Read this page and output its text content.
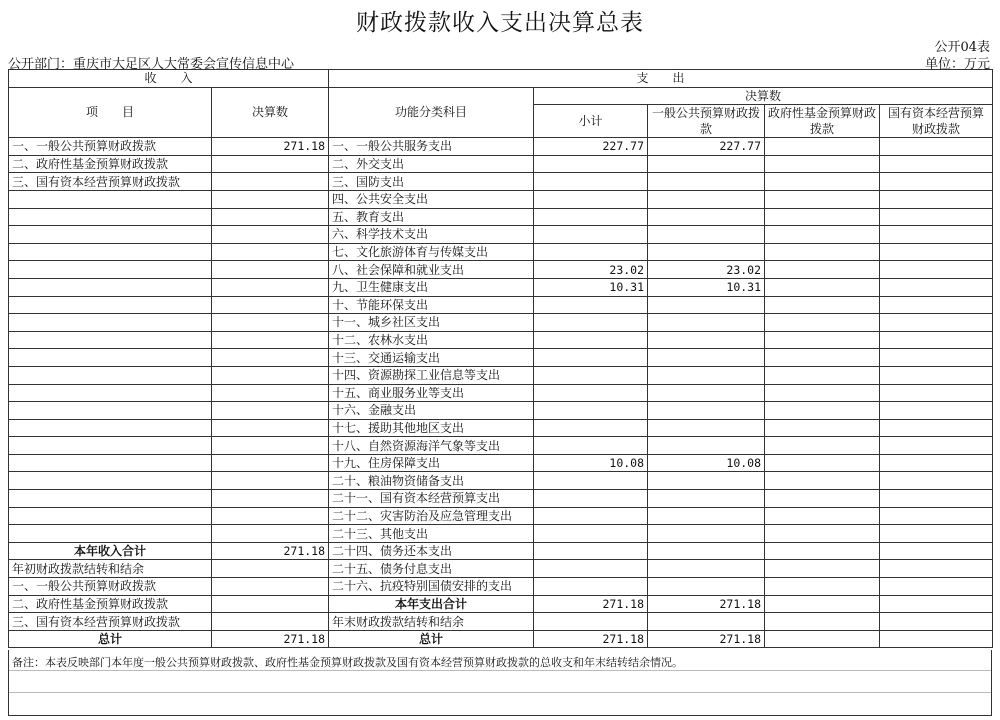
财政拨款收入支出决算总表
公开04表
公开部门：重庆市大足区人大常委会宣传信息中心	单位：万元
收　　入		支　　出				
项　　目	决算数	功能分类科目	决算数			
			小计	一般公共预算财政拨款	政府性基金预算财政拨款	国有资本经营预算财政拨款

一、一般公共预算财政拨款	271.18	一、一般公共服务支出	227.77	227.77		
二、政府性基金预算财政拨款		二、外交支出				
三、国有资本经营预算财政拨款		三、国防支出				
		四、公共安全支出				
		五、教育支出				
		六、科学技术支出				
		七、文化旅游体育与传媒支出				
		八、社会保障和就业支出	23.02	23.02		
		九、卫生健康支出	10.31	10.31		
		十、节能环保支出				
		十一、城乡社区支出				
		十二、农林水支出				
		十三、交通运输支出				
		十四、资源勘探工业信息等支出				
		十五、商业服务业等支出				
		十六、金融支出				
		十七、援助其他地区支出				
		十八、自然资源海洋气象等支出				
		十九、住房保障支出	10.08	10.08		
		二十、粮油物资储备支出				
		二十一、国有资本经营预算支出				
		二十二、灾害防治及应急管理支出				
		二十三、其他支出				
本年收入合计	271.18	二十四、债务还本支出				
年初财政拨款结转和结余		二十五、债务付息支出				
一、一般公共预算财政拨款		二十六、抗疫特别国债安排的支出				
二、政府性基金预算财政拨款		本年支出合计	271.18	271.18		
三、国有资本经营预算财政拨款		年末财政拨款结转和结余				
总计	271.18	总计	271.18	271.18		
备注：本表反映部门本年度一般公共预算财政拨款、政府性基金预算财政拨款及国有资本经营预算财政拨款的总收支和年末结转结余情况。
